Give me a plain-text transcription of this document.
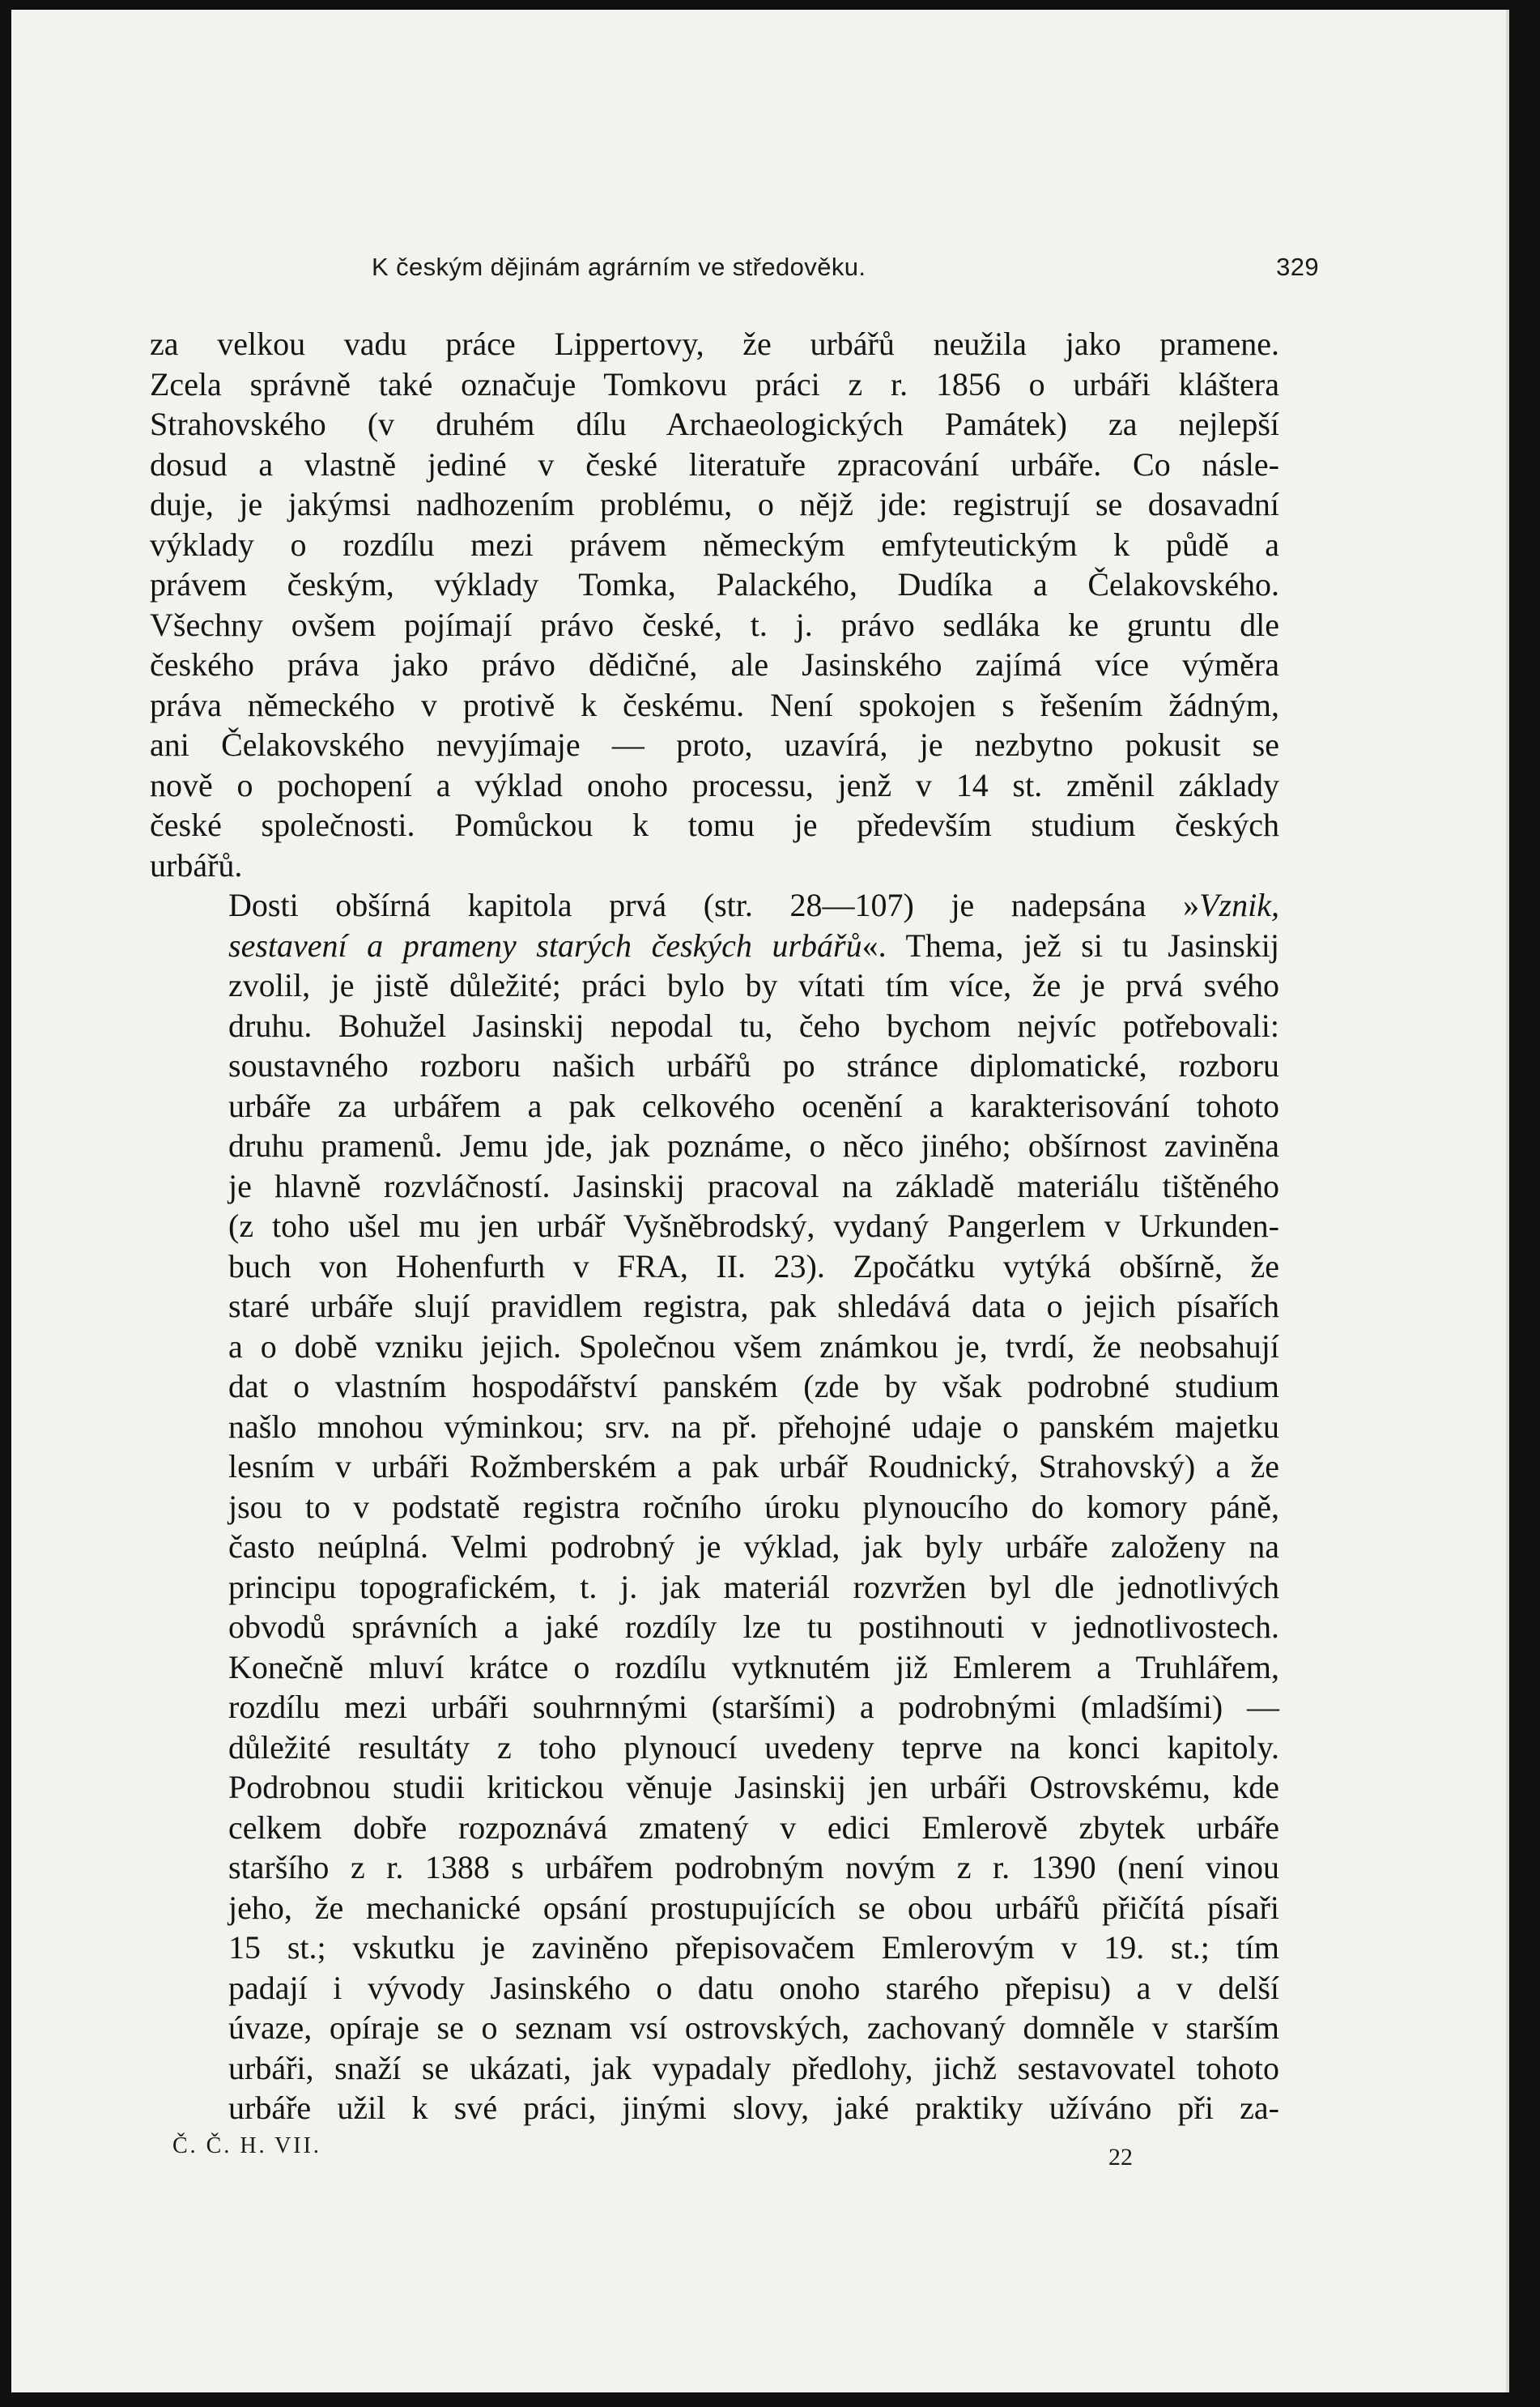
K českým dějinám agrárním ve středověku.	329

za velkou vadu práce Lippertovy, že urbářů neužila jako pramene.
Zcela správně také označuje Tomkovu práci z r. 1856 o urbáři kláštera
Strahovského (v druhém dílu Archaeologických Památek) za nejlepší
dosud a vlastně jediné v české literatuře zpracování urbáře. Co násle-
duje, je jakýmsi nadhozením problému, o nějž jde: registrují se dosavadní
výklady o rozdílu mezi právem německým emfyteutickým k půdě a
právem českým, výklady Tomka, Palackého, Dudíka a Čelakovského.
Všechny ovšem pojímají právo české, t. j. právo sedláka ke gruntu dle
českého práva jako právo dědičné, ale Jasinského zajímá více výměra
práva německého v protivě k českému. Není spokojen s řešením žádným,
ani Čelakovského nevyjímaje — proto, uzavírá, je nezbytno pokusit se
nově o pochopení a výklad onoho processu, jenž v 14 st. změnil základy
české společnosti. Pomůckou k tomu je především studium českých
urbářů.

Dosti obšírná kapitola prvá (str. 28—107) je nadepsána »Vznik,
sestavení a prameny starých českých urbářů«. Thema, jež si tu Jasinskij
zvolil, je jistě důležité; práci bylo by vítati tím více, že je prvá svého
druhu. Bohužel Jasinskij nepodal tu, čeho bychom nejvíc potřebovali:
soustavného rozboru našich urbářů po stránce diplomatické, rozboru
urbáře za urbářem a pak celkového ocenění a karakterisování tohoto
druhu pramenů. Jemu jde, jak poznáme, o něco jiného; obšírnost zaviněna
je hlavně rozvláčností. Jasinskij pracoval na základě materiálu tištěného
(z toho ušel mu jen urbář Vyšněbrodský, vydaný Pangerlem v Urkunden-
buch von Hohenfurth v FRA, II. 23). Zpočátku vytýká obšírně, že
staré urbáře slují pravidlem registra, pak shledává data o jejich písařích
a o době vzniku jejich. Společnou všem známkou je, tvrdí, že neobsahují
dat o vlastním hospodářství panském (zde by však podrobné studium
našlo mnohou výminkou; srv. na př. přehojné udaje o panském majetku
lesním v urbáři Rožmberském a pak urbář Roudnický, Strahovský) a že
jsou to v podstatě registra ročního úroku plynoucího do komory páně,
často neúplná. Velmi podrobný je výklad, jak byly urbáře založeny na
principu topografickém, t. j. jak materiál rozvržen byl dle jednotlivých
obvodů správních a jaké rozdíly lze tu postihnouti v jednotlivostech.
Konečně mluví krátce o rozdílu vytknutém již Emlerem a Truhlářem,
rozdílu mezi urbáři souhrnnými (staršími) a podrobnými (mladšími) —
důležité resultáty z toho plynoucí uvedeny teprve na konci kapitoly.
Podrobnou studii kritickou věnuje Jasinskij jen urbáři Ostrovskému, kde
celkem dobře rozpoznává zmatený v edici Emlerově zbytek urbáře
staršího z r. 1388 s urbářem podrobným novým z r. 1390 (není vinou
jeho, že mechanické opsání prostupujících se obou urbářů přičítá písaři
15 st.; vskutku je zaviněno přepisovačem Emlerovým v 19. st.; tím
padají i vývody Jasinského o datu onoho starého přepisu) a v delší
úvaze, opíraje se o seznam vsí ostrovských, zachovaný domněle v starším
urbáři, snaží se ukázati, jak vypadaly předlohy, jichž sestavovatel tohoto
urbáře užil k své práci, jinými slovy, jaké praktiky užíváno při za-

Č. Č. H. VII.	22
